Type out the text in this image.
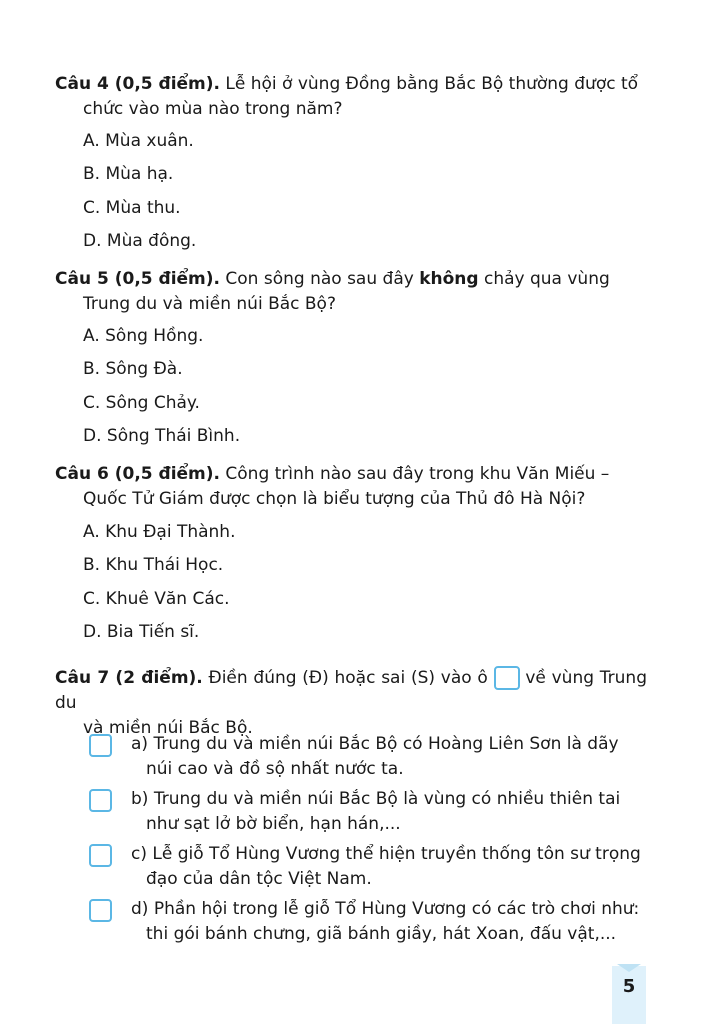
Câu 4 (0,5 điểm). Lễ hội ở vùng Đồng bằng Bắc Bộ thường được tổ
chức vào mùa nào trong năm?
A. Mùa xuân.
B. Mùa hạ.
C. Mùa thu.
D. Mùa đông.
Câu 5 (0,5 điểm). Con sông nào sau đây không chảy qua vùng
Trung du và miền núi Bắc Bộ?
A. Sông Hồng.
B. Sông Đà.
C. Sông Chảy.
D. Sông Thái Bình.
Câu 6 (0,5 điểm). Công trình nào sau đây trong khu Văn Miếu –
Quốc Tử Giám được chọn là biểu tượng của Thủ đô Hà Nội?
A. Khu Đại Thành.
B. Khu Thái Học.
C. Khuê Văn Các.
D. Bia Tiến sĩ.
Câu 7 (2 điểm). Điền đúng (Đ) hoặc sai (S) vào ô  về vùng Trung du
và miền núi Bắc Bộ.
a) Trung du và miền núi Bắc Bộ có Hoàng Liên Sơn là dãy
núi cao và đồ sộ nhất nước ta.
b) Trung du và miền núi Bắc Bộ là vùng có nhiều thiên tai
như sạt lở bờ biển, hạn hán,...
c) Lễ giỗ Tổ Hùng Vương thể hiện truyền thống tôn sư trọng
đạo của dân tộc Việt Nam.
d) Phần hội trong lễ giỗ Tổ Hùng Vương có các trò chơi như:
thi gói bánh chưng, giã bánh giầy, hát Xoan, đấu vật,...
5
